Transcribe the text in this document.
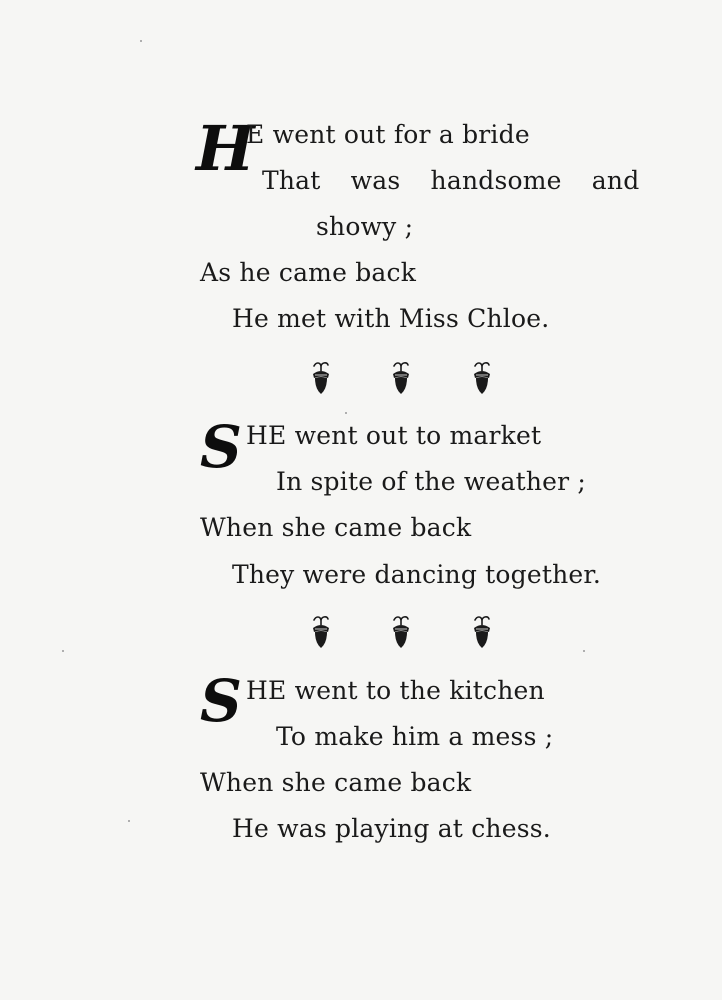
H
E went out for a bride
That was handsome and
showy ;
As he came back
He met with Miss Chloe.
S HE went out to market
In spite of the weather ;
When she came back
They were dancing together.
S HE went to the kitchen
To make him a mess ;
When she came back
He was playing at chess.
